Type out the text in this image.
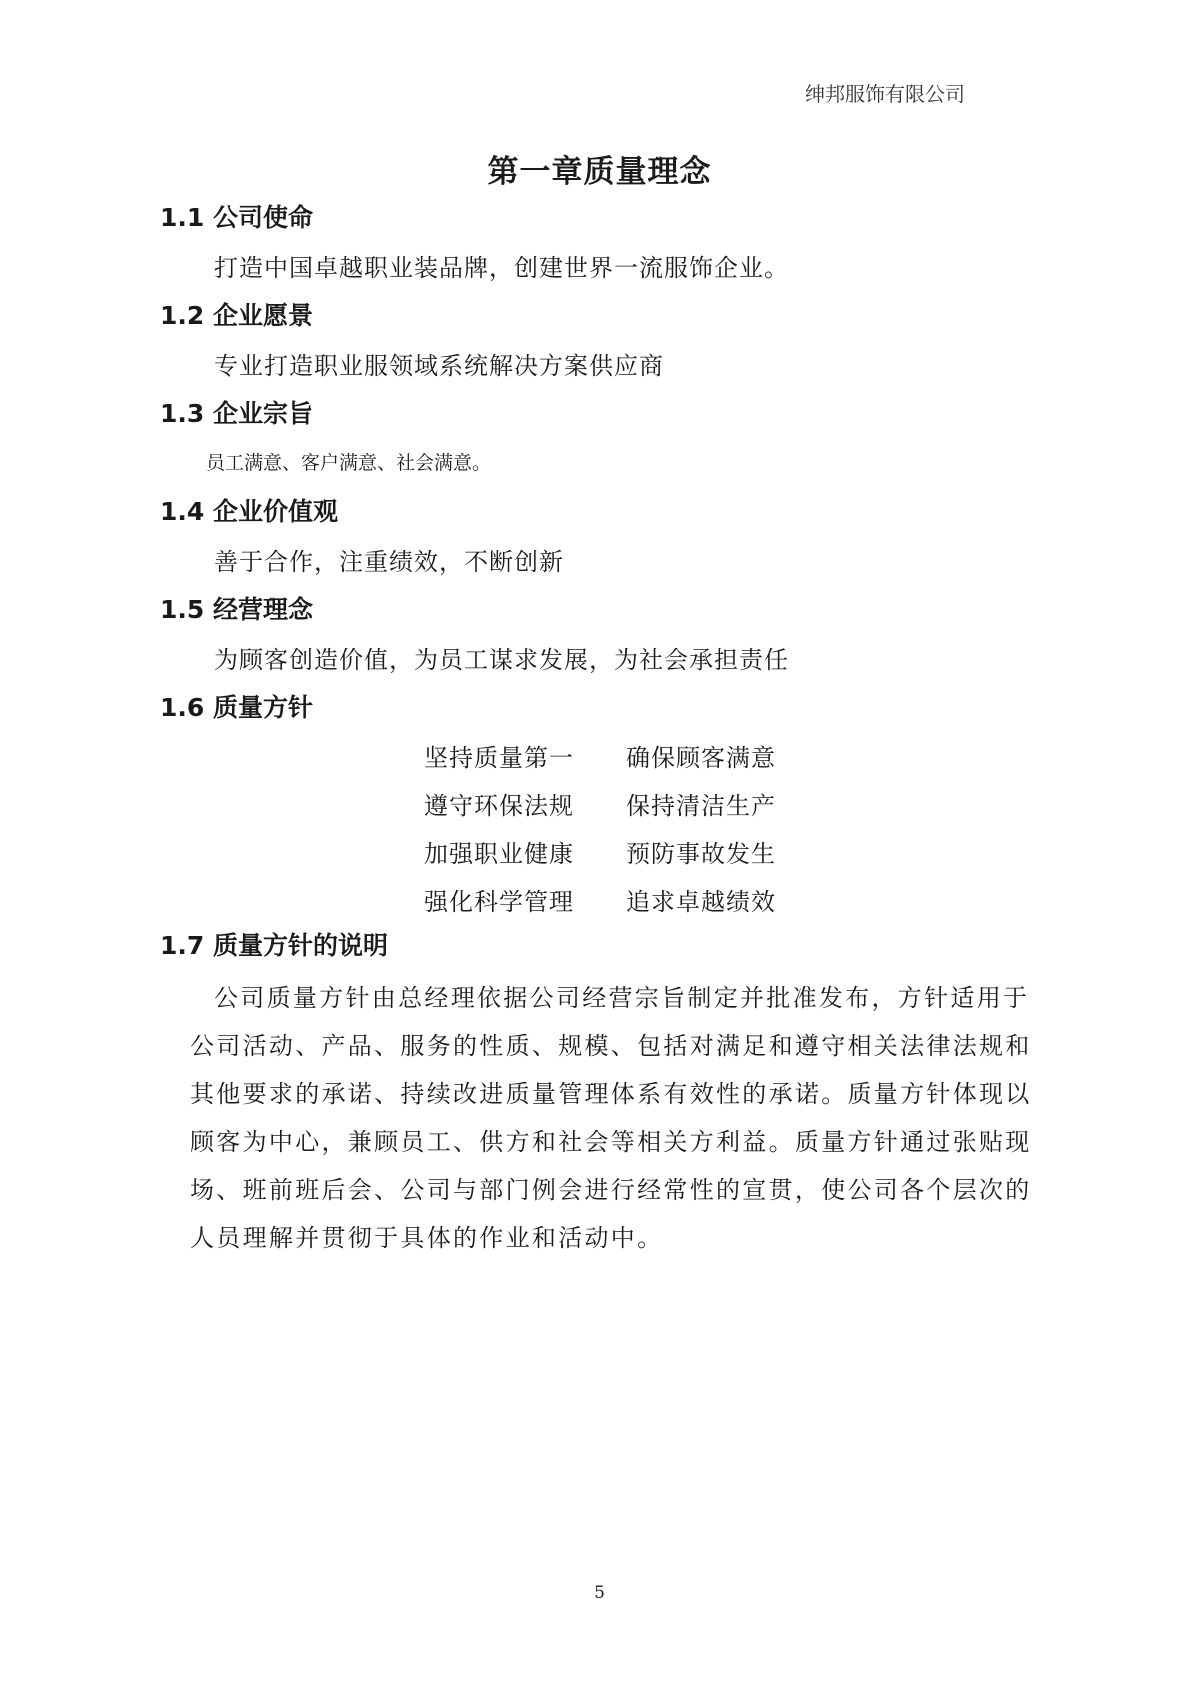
绅邦服饰有限公司
第一章质量理念
1.1 公司使命
打造中国卓越职业装品牌，创建世界一流服饰企业。
1.2 企业愿景
专业打造职业服领域系统解决方案供应商
1.3 企业宗旨
员工满意、客户满意、社会满意。
1.4 企业价值观
善于合作，注重绩效，不断创新
1.5 经营理念
为顾客创造价值，为员工谋求发展，为社会承担责任
1.6 质量方针
坚持质量第一 确保顾客满意
遵守环保法规 保持清洁生产
加强职业健康 预防事故发生
强化科学管理 追求卓越绩效
1.7 质量方针的说明
公司质量方针由总经理依据公司经营宗旨制定并批准发布，方针适用于
公司活动、产品、服务的性质、规模、包括对满足和遵守相关法律法规和
其他要求的承诺、持续改进质量管理体系有效性的承诺。质量方针体现以
顾客为中心，兼顾员工、供方和社会等相关方利益。质量方针通过张贴现
场、班前班后会、公司与部门例会进行经常性的宣贯，使公司各个层次的
人员理解并贯彻于具体的作业和活动中。
5
